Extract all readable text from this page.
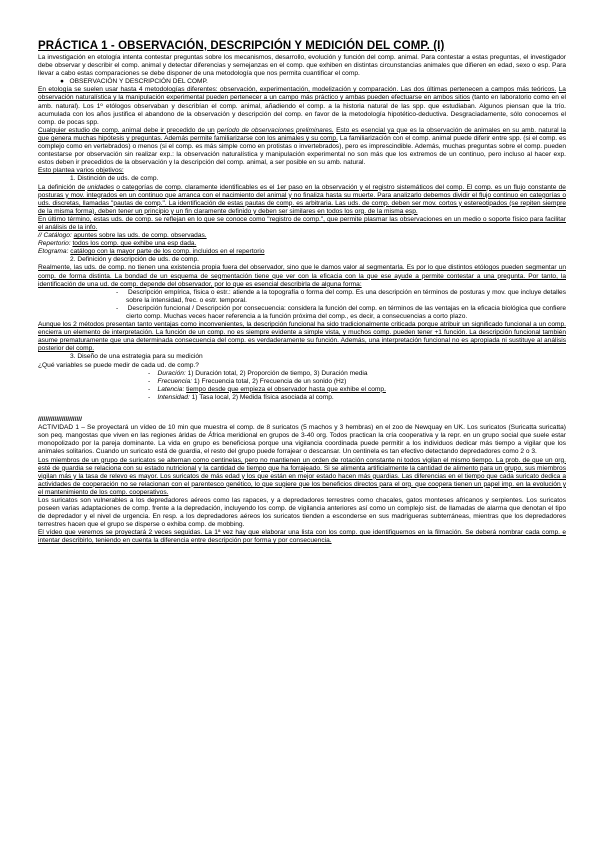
PRÁCTICA 1 - OBSERVACIÓN, DESCRIPCIÓN Y MEDICIÓN DEL COMP. (I)

La investigación en etología intenta contestar preguntas sobre los mecanismos, desarrollo, evolución y función del comp. animal. Para contestar a estas preguntas, el investigador debe observar y describir el comp. animal y detectar diferencias y semejanzas en el comp. que exhiben en distintas circunstancias animales que difieren en edad, sexo o esp. Para llevar a cabo estas comparaciones se debe disponer de una metodología que nos permita cuantificar el comp.

●   OBSERVACIÓN Y DESCRIPCIÓN DEL COMP.

En etología se suelen usar hasta 4 metodologías diferentes: observación, experimentación, modelización y comparación. Las dos últimas pertenecen a campos más teóricos. La observación naturalística y la manipulación experimental pueden pertenecer a un campo más práctico y ambas pueden efectuarse en ambos sitios (tanto en laboratorio como en el amb. natural). Los 1º etólogos observaban y describían el comp. animal, añadiendo el comp. a la historia natural de las spp. que estudiaban. Algunos piensan que la trío. acumulada con los años justifica el abandono de la observación y descripción del comp. en favor de la metodología hipotético-deductiva. Desgraciadamente, sólo conocemos el comp. de pocas spp.

Cualquier estudio de comp. animal debe ir precedido de un período de observaciones preliminares. Esto es esencial ya que es la observación de animales en su amb. natural la que genera muchas hipótesis y preguntas. Además permite familiarizarse con los animales y su comp. La familiarización con el comp. animal puede diferir entre spp. (si el comp. es complejo como en vertebrados) o menos (si el comp. es más simple como en protistas o invertebrados), pero es imprescindible. Además, muchas preguntas sobre el comp. pueden contestarse por observación sin realizar exp.: la observación naturalística y manipulación experimental no son más que los extremos de un continuo, pero incluso al hacer exp. estos deben ir precedidos de la observación y la descripción del comp. animal, a ser posible en su amb. natural.

Esto plantea varios objetivos:

1. Distinción de uds. de comp.

La definición de unidades o categorías de comp. claramente identificables es el 1er paso en la observación y el registro sistemáticos del comp. El comp. es un flujo constante de posturas y mov. integrados en un continuo que arranca con el nacimiento del animal y no finaliza hasta su muerte. Para analizarlo debemos dividir el flujo continuo en categorías o uds. discretas, llamadas "pautas de comp.". La identificación de estas pautas de comp. es arbitraria. Las uds. de comp. deben ser mov. cortos y estereotipados (se repiten siempre de la misma forma), deben tener un principio y un fin claramente definido y deben ser similares en todos los org. de la misma esp.

En último término, estas uds. de comp. se reflejan en lo que se conoce como "registro de comp.", que permite plasmar las observaciones en un medio o soporte físico para facilitar el análisis de la info.

// Catálogo: apuntes sobre las uds. de comp. observadas.

Repertorio: todos los comp. que exhibe una esp dada.

Etograma: catálogo con la mayor parte de los comp. incluidos en el repertorio

2. Definición y descripción de uds. de comp.

Realmente, las uds. de comp. no tienen una existencia propia fuera del observador, sino que le damos valor al segmentarla. Es por lo que distintos etólogos pueden segmentar un comp. de forma distinta. La bondad de un esquema de segmentación tiene que ver con la eficacia con la que ese ayude a permite contestar a una pregunta. Por tanto, la identificación de una ud. de comp. depende del observador, por lo que es esencial describirla de alguna forma:

-     Descripción empírica, física o estr.: atiende a la topografía o forma del comp. Es una descripción en términos de posturas y mov. que incluye detalles sobre la intensidad, frec. o estr. temporal.

-     Descripción funcional / Descripción por consecuencia: considera la función del comp. en términos de las ventajas en la eficacia biológica que confiere cierto comp. Muchas veces hacer referencia a la función próxima del comp., es decir, a consecuencias a corto plazo.

Aunque los 2 métodos presentan tanto ventajas como inconvenientes, la descripción funcional ha sido tradicionalmente criticada porque atribuir un significado funcional a un comp. encierra un elemento de interpretación. La función de un comp. no es siempre evidente a simple vista, y muchos comp. pueden tener +1 función. La descripción funcional también asume prematuramente que una determinada consecuencia del comp. es verdaderamente su función. Además, una interpretación funcional no es apropiada ni sustituye al análisis posterior del comp.

3. Diseño de una estrategia para su medición

¿Qué variables se puede medir de cada ud. de comp.?

-    Duración: 1) Duración total, 2) Proporción de tiempo, 3) Duración media

-    Frecuencia: 1) Frecuencia total, 2) Frecuencia de un sonido (Hz)

-    Latencia: tiempo desde que empieza el observador hasta que exhibe el comp.

-    Intensidad: 1) Tasa local, 2) Medida física asociada al comp.

////////////////////////

ACTIVIDAD 1 – Se proyectará un vídeo de 10 min que muestra el comp. de 8 suricatos (5 machos y 3 hembras) en el zoo de Newquay en UK. Los suricatos (Suricatta suricatta) son peq. mangostas que viven en las regiones áridas de África meridional en grupos de 3-40 org. Todos practican la cría cooperativa y la repr. en un grupo social que suele estar monopolizado por la pareja dominante. La vida en grupo es beneficiosa porque una vigilancia coordinada puede permitir a los individuos dedicar más tiempo a vigilar que los animales solitarios. Cuando un suricato está de guardia, el resto del grupo puede forrajear o descansar. Un centinela es tan efectivo detectando depredadores como 2 o 3.

Los miembros de un grupo de suricatos se alternan como centinelas, pero no mantienen un orden de rotación constante ni todos vigilan el mismo tiempo. La prob. de que un org. esté de guardia se relaciona con su estado nutricional y la cantidad de tiempo que ha forrajeado. Si se alimenta artificialmente la cantidad de alimento para un grupo, sus miembros vigilan más y la tasa de relevo es mayor. Los suricatos de más edad y los que están en mejor estado hacen más guardias. Las diferencias en el tiempo que cada suricato dedica a actividades de cooperación no se relacionan con el parentesco genético, lo que sugiere que los beneficios directos para el org. que coopera tienen un papel imp. en la evolución y el mantenimiento de los comp. cooperativos.

Los suricatos son vulnerables a los depredadores aéreos como las rapaces, y a depredadores terrestres como chacales, gatos monteses africanos y serpientes. Los suricatos poseen varias adaptaciones de comp. frente a la depredación, incluyendo los comp. de vigilancia anteriores así como un complejo sist. de llamadas de alarma que denotan el tipo de depredador y el nivel de urgencia. En resp. a los depredadores aéreos los suricatos tienden a esconderse en sus madrigueras subterráneas, mientras que los depredadores terrestres hacen que el grupo se disperse o exhiba comp. de mobbing.

El vídeo que veremos se proyectará 2 veces seguidas. La 1ª vez hay que elaborar una lista con los comp. que identifiquemos en la filmación. Se deberá nombrar cada comp. e intentar describirlo, teniendo en cuenta la diferencia entre descripción por forma y por consecuencia.
